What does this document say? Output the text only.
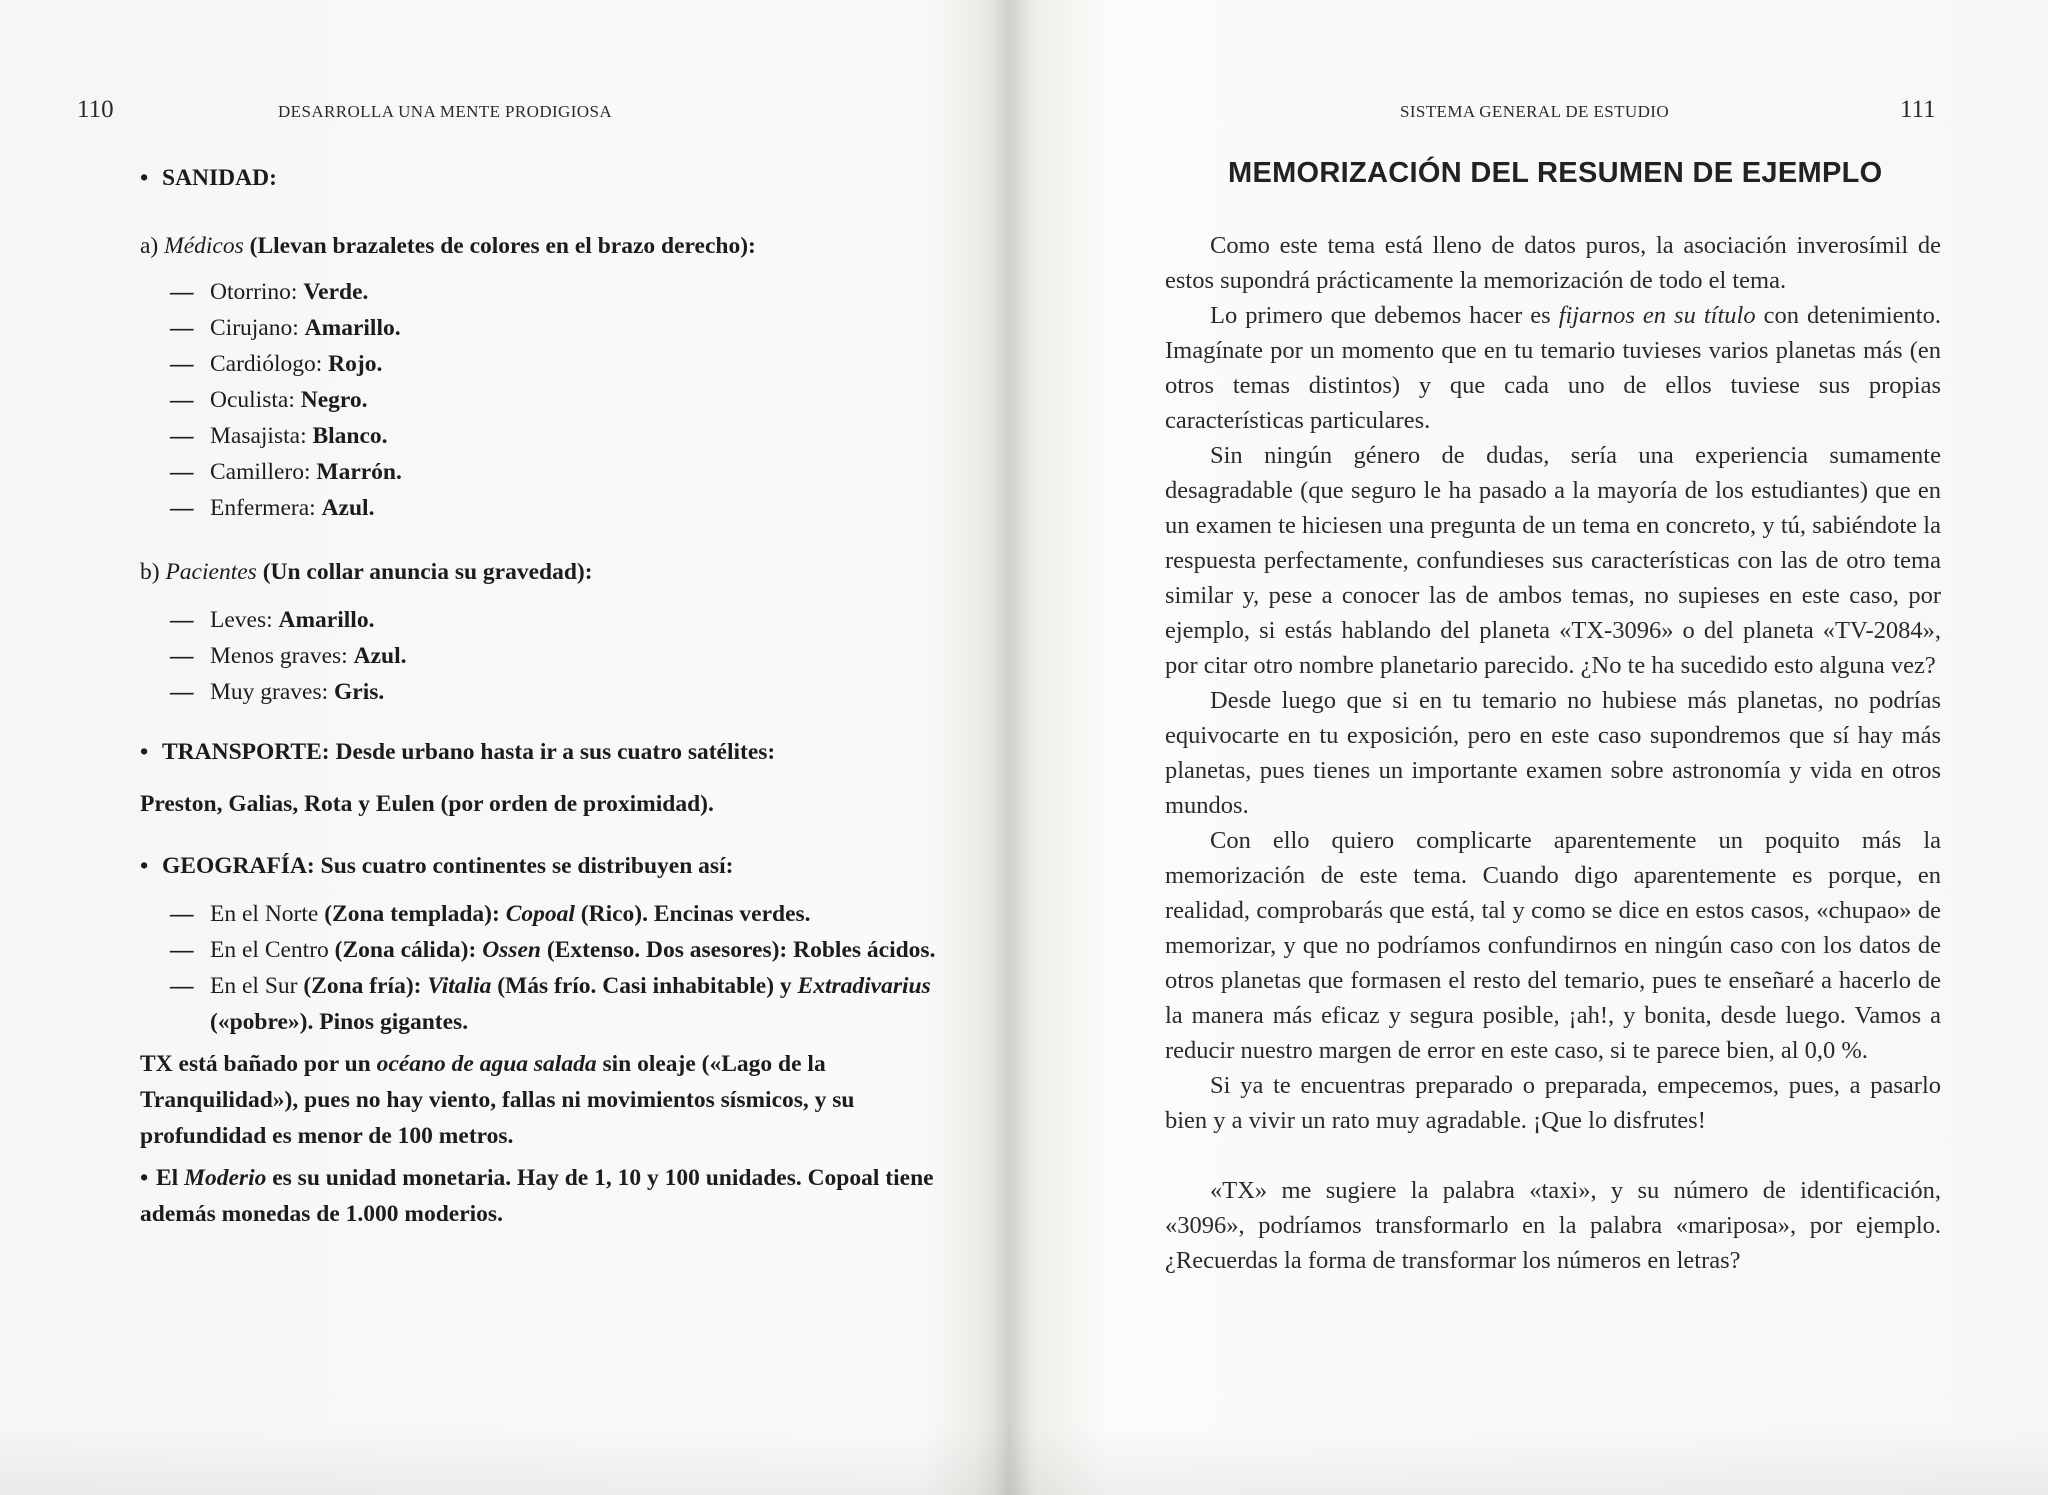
110	DESARROLLA UNA MENTE PRODIGIOSA	SISTEMA GENERAL DE ESTUDIO	111
• SANIDAD:
a) Médicos (Llevan brazaletes de colores en el brazo derecho):
— Otorrino: Verde.
— Cirujano: Amarillo.
— Cardiólogo: Rojo.
— Oculista: Negro.
— Masajista: Blanco.
— Camillero: Marrón.
— Enfermera: Azul.
b) Pacientes (Un collar anuncia su gravedad):
— Leves: Amarillo.
— Menos graves: Azul.
— Muy graves: Gris.
• TRANSPORTE: Desde urbano hasta ir a sus cuatro satélites:
Preston, Galias, Rota y Eulen (por orden de proximidad).
• GEOGRAFÍA: Sus cuatro continentes se distribuyen así:
— En el Norte (Zona templada): Copoal (Rico). Encinas verdes.
— En el Centro (Zona cálida): Ossen (Extenso. Dos asesores): Robles ácidos.
— En el Sur (Zona fría): Vitalia (Más frío. Casi inhabitable) y Extradivarius («pobre»). Pinos gigantes.
TX está bañado por un océano de agua salada sin oleaje («Lago de la Tranquilidad»), pues no hay viento, fallas ni movimientos sísmicos, y su profundidad es menor de 100 metros.
• El Moderio es su unidad monetaria. Hay de 1, 10 y 100 unidades. Copoal tiene además monedas de 1.000 moderios.
MEMORIZACIÓN DEL RESUMEN DE EJEMPLO

Como este tema está lleno de datos puros, la asociación inverosímil de estos supondrá prácticamente la memorización de todo el tema.

Lo primero que debemos hacer es fijarnos en su título con detenimiento. Imagínate por un momento que en tu temario tuvieses varios planetas más (en otros temas distintos) y que cada uno de ellos tuviese sus propias características particulares.

Sin ningún género de dudas, sería una experiencia sumamente desagradable (que seguro le ha pasado a la mayoría de los estudiantes) que en un examen te hiciesen una pregunta de un tema en concreto, y tú, sabiéndote la respuesta perfectamente, confundieses sus características con las de otro tema similar y, pese a conocer las de ambos temas, no supieses en este caso, por ejemplo, si estás hablando del planeta «TX-3096» o del planeta «TV-2084», por citar otro nombre planetario parecido. ¿No te ha sucedido esto alguna vez?

Desde luego que si en tu temario no hubiese más planetas, no podrías equivocarte en tu exposición, pero en este caso supondremos que sí hay más planetas, pues tienes un importante examen sobre astronomía y vida en otros mundos.

Con ello quiero complicarte aparentemente un poquito más la memorización de este tema. Cuando digo aparentemente es porque, en realidad, comprobarás que está, tal y como se dice en estos casos, «chupao» de memorizar, y que no podríamos confundirnos en ningún caso con los datos de otros planetas que formasen el resto del temario, pues te enseñaré a hacerlo de la manera más eficaz y segura posible, ¡ah!, y bonita, desde luego. Vamos a reducir nuestro margen de error en este caso, si te parece bien, al 0,0 %.

Si ya te encuentras preparado o preparada, empecemos, pues, a pasarlo bien y a vivir un rato muy agradable. ¡Que lo disfrutes!

«TX» me sugiere la palabra «taxi», y su número de identificación, «3096», podríamos transformarlo en la palabra «mariposa», por ejemplo. ¿Recuerdas la forma de transformar los números en letras?
